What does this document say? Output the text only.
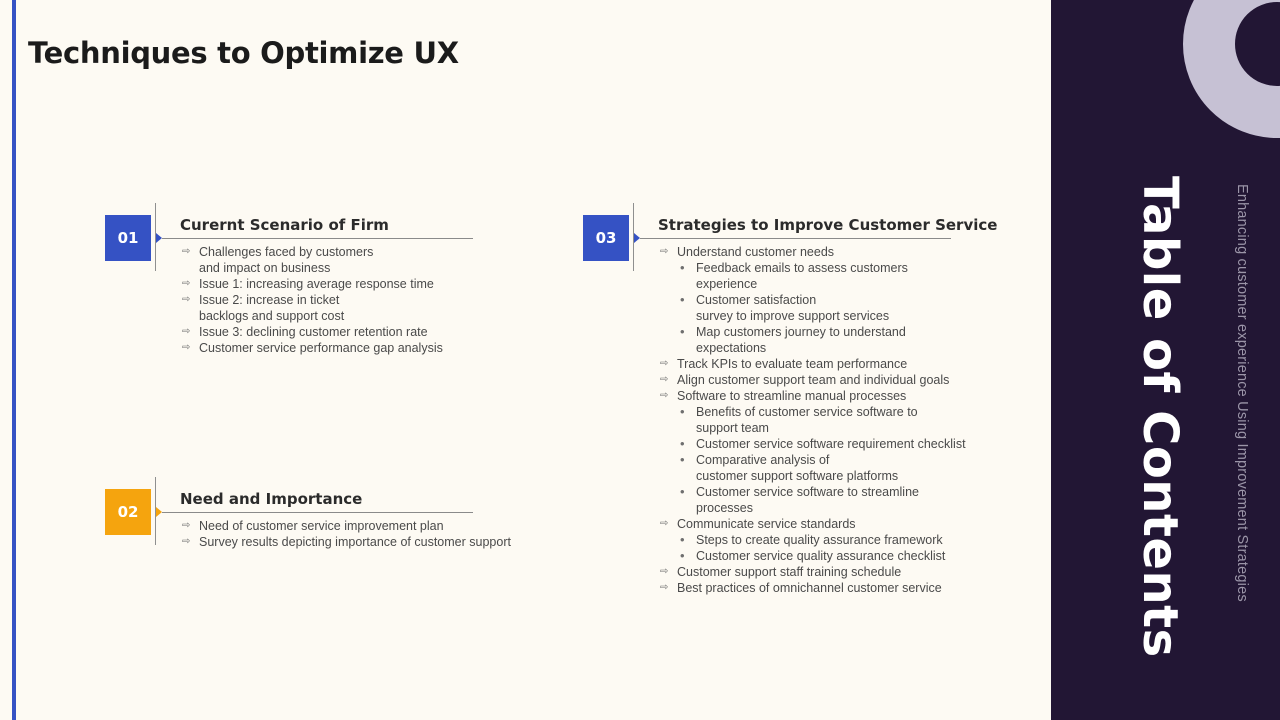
Techniques to Optimize UX
01
Curernt Scenario of Firm
⇨ Challenges faced by customers
and impact on business
⇨ Issue 1: increasing average response time
⇨ Issue 2: increase in ticket
backlogs and support cost
⇨ Issue 3: declining customer retention rate
⇨ Customer service performance gap analysis
02
Need and Importance
⇨ Need of customer service improvement plan
⇨ Survey results depicting importance of customer support
03
Strategies to Improve Customer Service
⇨ Understand customer needs
• Feedback emails to assess customers
experience
• Customer satisfaction
survey to improve support services
• Map customers journey to understand
expectations
⇨ Track KPIs to evaluate team performance
⇨ Align customer support team and individual goals
⇨ Software to streamline manual processes
• Benefits of customer service software to
support team
• Customer service software requirement checklist
• Comparative analysis of
customer support software platforms
• Customer service software to streamline
processes
⇨ Communicate service standards
• Steps to create quality assurance framework
• Customer service quality assurance checklist
⇨ Customer support staff training schedule
⇨ Best practices of omnichannel customer service	Table of Contents	Enhancing customer experience Using Improvement Strategies
